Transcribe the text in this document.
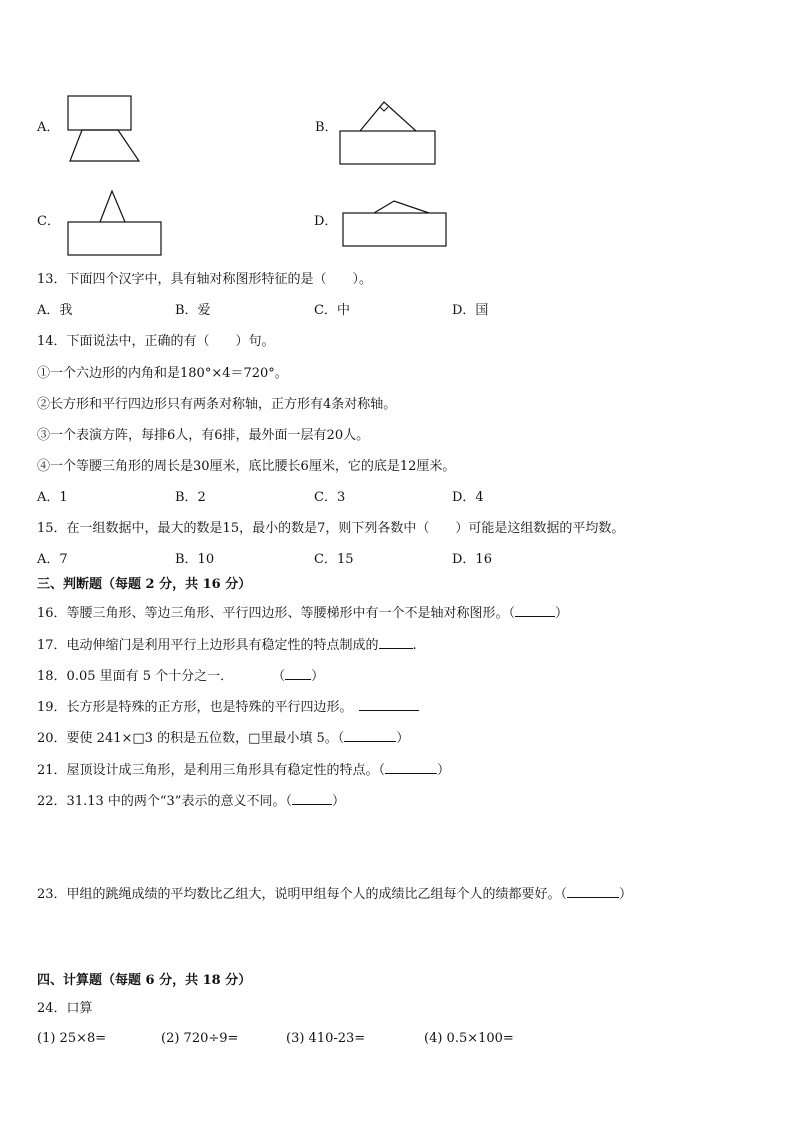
A．	B．
C．	D．
13．下面四个汉字中，具有轴对称图形特征的是（　　）。
A．我	B．爱	C．中	D．国
14．下面说法中，正确的有（　　）句。
①一个六边形的内角和是180°×4＝720°。
②长方形和平行四边形只有两条对称轴，正方形有4条对称轴。
③一个表演方阵，每排6人，有6排，最外面一层有20人。
④一个等腰三角形的周长是30厘米，底比腰长6厘米，它的底是12厘米。
A．1	B．2	C．3	D．4
15．在一组数据中，最大的数是15，最小的数是7，则下列各数中（　　）可能是这组数据的平均数。
A．7	B．10	C．15	D．16
三、判断题（每题 2 分，共 16 分）
16．等腰三角形、等边三角形、平行四边形、等腰梯形中有一个不是轴对称图形。（	）
17．电动伸缩门是利用平行上边形具有稳定性的特点制成的	.
18．0.05 里面有 5 个十分之一．　　　　（ ）
19．长方形是特殊的正方形，也是特殊的平行四边形。
20．要使 241×□3 的积是五位数，□里最小填 5。（	）
21．屋顶设计成三角形，是利用三角形具有稳定性的特点。（	）
22．31.13 中的两个“3”表示的意义不同。（	）
23．甲组的跳绳成绩的平均数比乙组大，说明甲组每个人的成绩比乙组每个人的绩都要好。（	）
四、计算题（每题 6 分，共 18 分）
24．口算
(1) 25×8=	(2) 720÷9=	(3) 410-23=	(4) 0.5×100=
